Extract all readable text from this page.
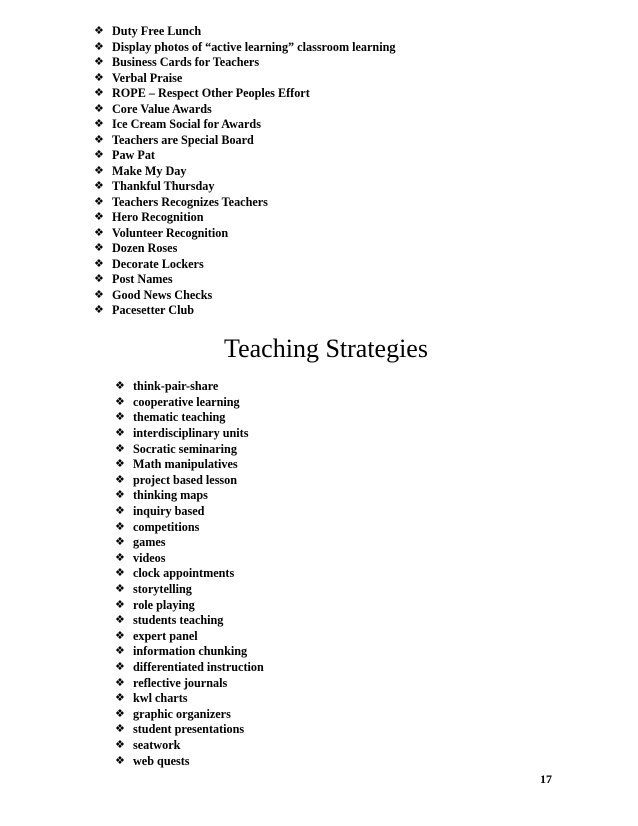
❖ Duty Free Lunch
❖ Display photos of “active learning” classroom learning
❖ Business Cards for Teachers
❖ Verbal Praise
❖ ROPE – Respect Other Peoples Effort
❖ Core Value Awards
❖ Ice Cream Social for Awards
❖ Teachers are Special Board
❖ Paw Pat
❖ Make My Day
❖ Thankful Thursday
❖ Teachers Recognizes Teachers
❖ Hero Recognition
❖ Volunteer Recognition
❖ Dozen Roses
❖ Decorate Lockers
❖ Post Names
❖ Good News Checks
❖ Pacesetter Club
Teaching Strategies
❖ think-pair-share
❖ cooperative learning
❖ thematic teaching
❖ interdisciplinary units
❖ Socratic seminaring
❖ Math manipulatives
❖ project based lesson
❖ thinking maps
❖ inquiry based
❖ competitions
❖ games
❖ videos
❖ clock appointments
❖ storytelling
❖ role playing
❖ students teaching
❖ expert panel
❖ information chunking
❖ differentiated instruction
❖ reflective journals
❖ kwl charts
❖ graphic organizers
❖ student presentations
❖ seatwork
❖ web quests
17
